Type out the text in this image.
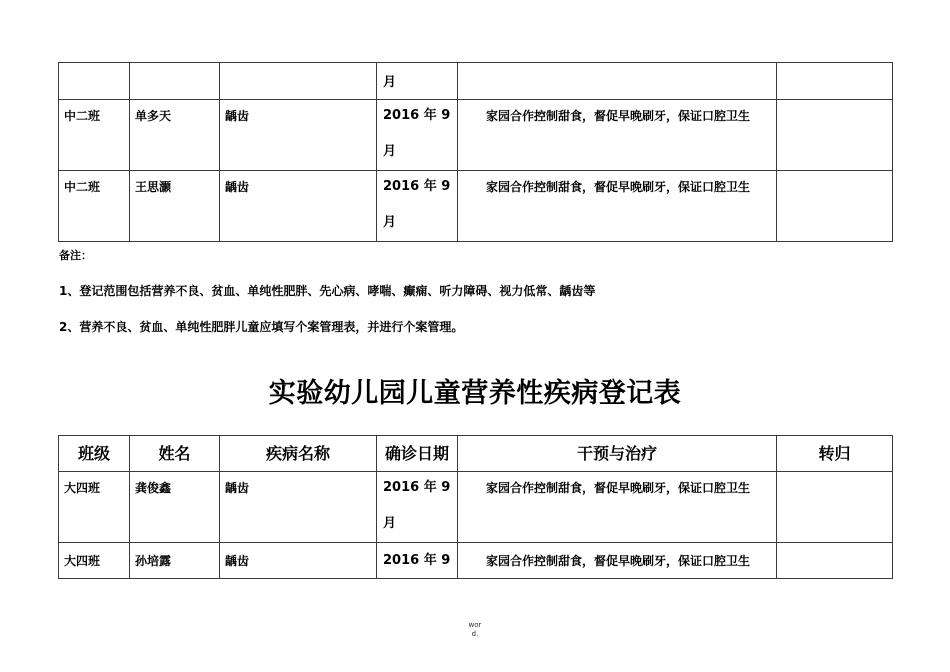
			月		

中二班	单多天	龋齿	2016 年 9
月	家园合作控制甜食，督促早晚刷牙，保证口腔卫生	

中二班	王思灏	龋齿	2016 年 9
月	家园合作控制甜食，督促早晚刷牙，保证口腔卫生	

备注：
1、登记范围包括营养不良、贫血、单纯性肥胖、先心病、哮喘、癫痫、听力障碍、视力低常、龋齿等
2、营养不良、贫血、单纯性肥胖儿童应填写个案管理表，并进行个案管理。
实验幼儿园儿童营养性疾病登记表
班级	姓名	疾病名称	确诊日期	干预与治疗	转归

大四班	龚俊鑫	龋齿	2016 年 9
月	家园合作控制甜食，督促早晚刷牙，保证口腔卫生	

大四班	孙培露	龋齿	2016 年 9	家园合作控制甜食，督促早晚刷牙，保证口腔卫生	

wor
d.
